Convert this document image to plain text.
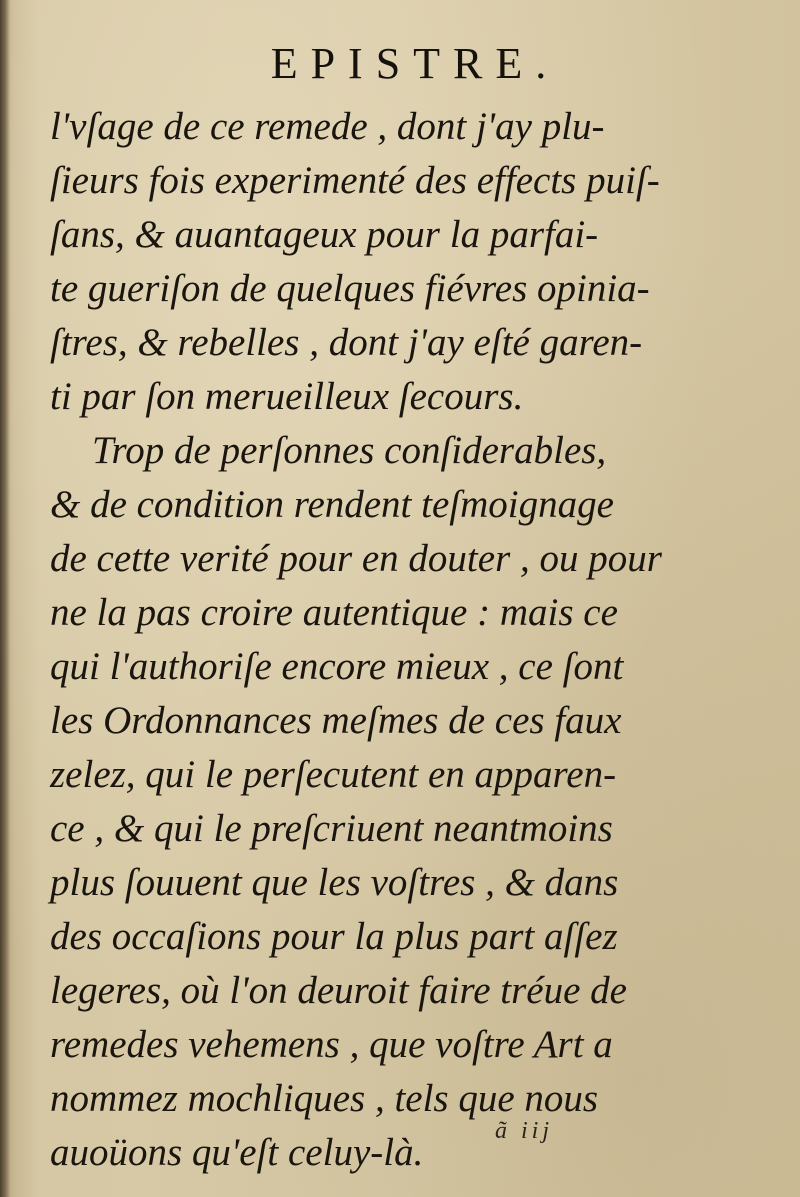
EPISTRE.
l'vſage de ce remede , dont j'ay plu-
ſieurs fois experimenté des effects puiſ-
ſans, & auantageux pour la parfai-
te gueriſon de quelques fiévres opinia-
ſtres, & rebelles , dont j'ay eſté garen-
ti par ſon merueilleux ſecours.
Trop de perſonnes conſiderables,
& de condition rendent teſmoignage
de cette verité pour en douter , ou pour
ne la pas croire autentique : mais ce
qui l'authoriſe encore mieux , ce ſont
les Ordonnances meſmes de ces faux
zelez, qui le perſecutent en apparen-
ce , & qui le preſcriuent neantmoins
plus ſouuent que les voſtres , & dans
des occaſions pour la plus part aſſez
legeres, où l'on deuroit faire tréue de
remedes vehemens , que voſtre Art a
nommez mochliques , tels que nous
auoüons qu'eſt celuy-là.	ã iij
